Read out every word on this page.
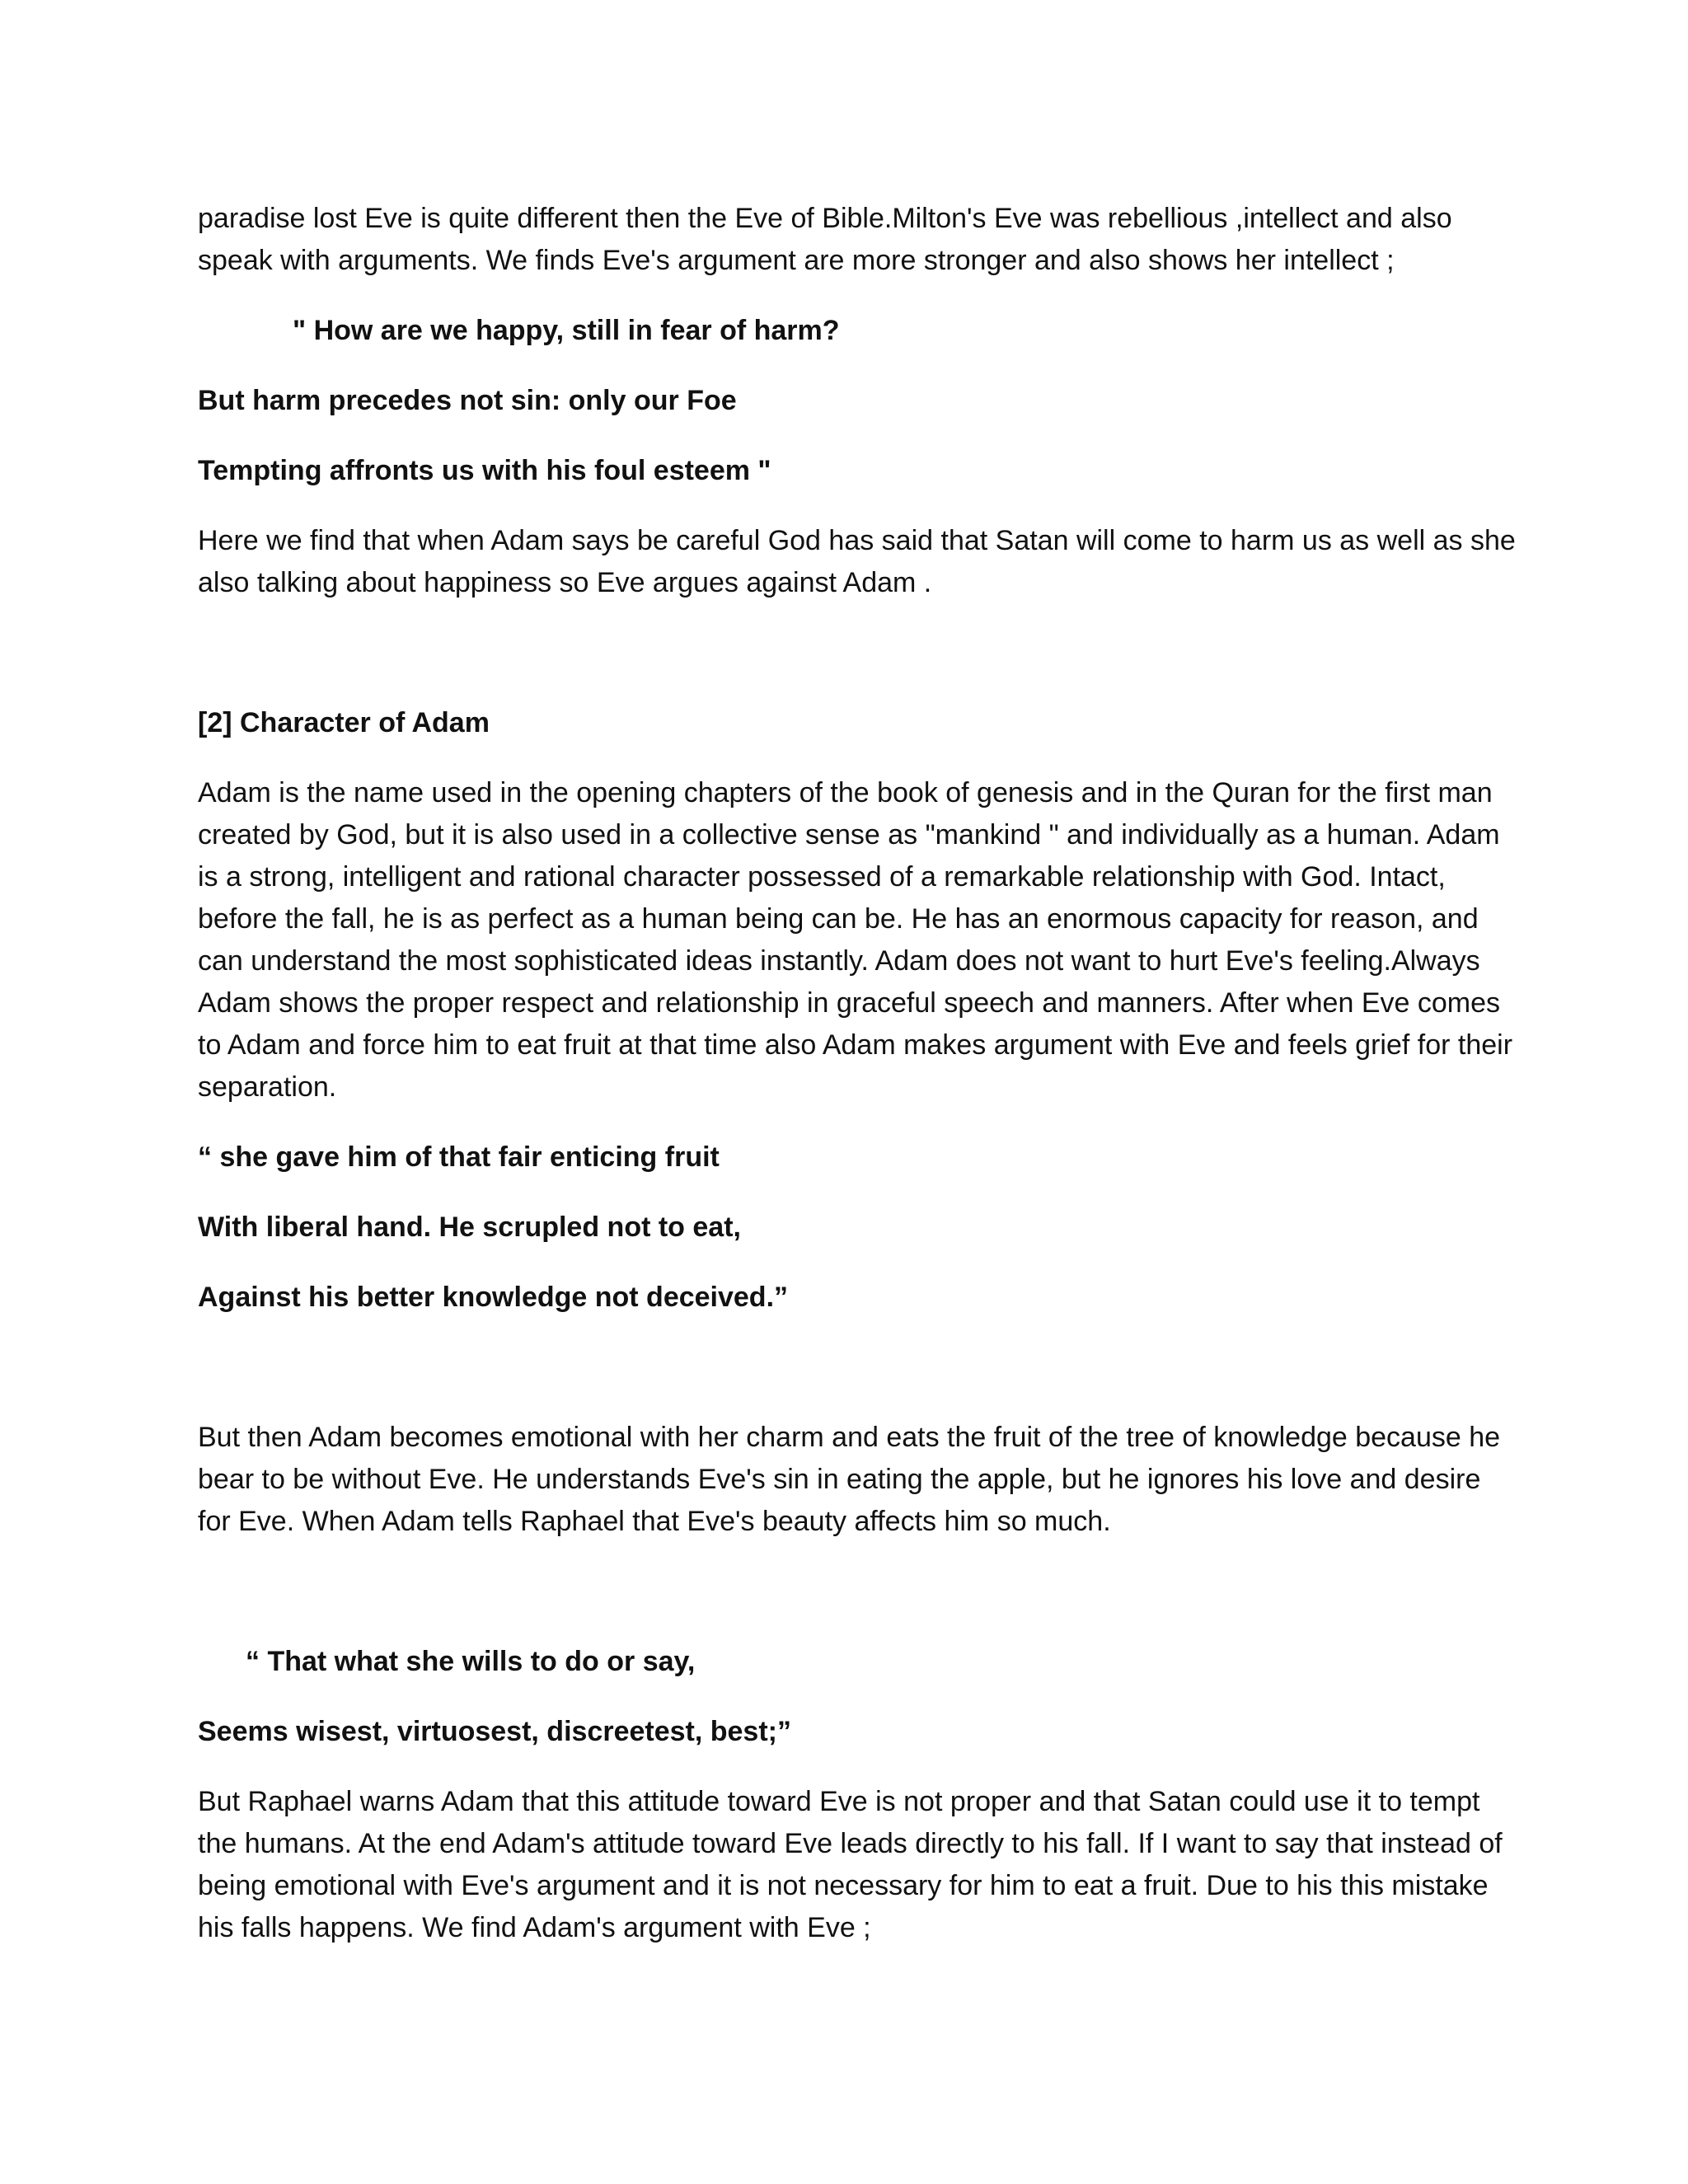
paradise lost Eve is quite different then the Eve of Bible.Milton's Eve was rebellious ,intellect and also speak with arguments. We finds Eve's argument are more stronger and also shows her intellect ;

" How are we happy, still in fear of harm?
But harm precedes not sin: only our Foe
Tempting affronts us with his foul esteem "

Here we find that when Adam says be careful God has said that Satan will come to harm us as well as she also talking about happiness so Eve argues against Adam .

[2] Character of Adam

Adam is the name used in the opening chapters of the book of genesis and in the Quran for the first man created by God, but it is also used in a collective sense as "mankind " and individually as a human. Adam is a strong, intelligent and rational character possessed of a remarkable relationship with God. Intact, before the fall, he is as perfect as a human being can be. He has an enormous capacity for reason, and can understand the most sophisticated ideas instantly. Adam does not want to hurt Eve's feeling.Always Adam shows the proper respect and relationship in graceful speech and manners. After when Eve comes to Adam and force him to eat fruit at that time also Adam makes argument with Eve and feels grief for their separation.

“ she gave him of that fair enticing fruit
With liberal hand. He scrupled not to eat,
Against his better knowledge not deceived.”

But then Adam becomes emotional with her charm and eats the fruit of the tree of knowledge because he bear to be without Eve. He understands Eve's sin in eating the apple, but he ignores his love and desire for Eve. When Adam tells Raphael that Eve's beauty affects him so much.

“ That what she wills to do or say,
Seems wisest, virtuosest, discreetest, best;”

But Raphael warns Adam that this attitude toward Eve is not proper and that Satan could use it to tempt the humans. At the end Adam's attitude toward Eve leads directly to his fall. If I want to say that instead of being emotional with Eve's argument and it is not necessary for him to eat a fruit. Due to his this mistake his falls happens. We find Adam's argument with Eve ;
